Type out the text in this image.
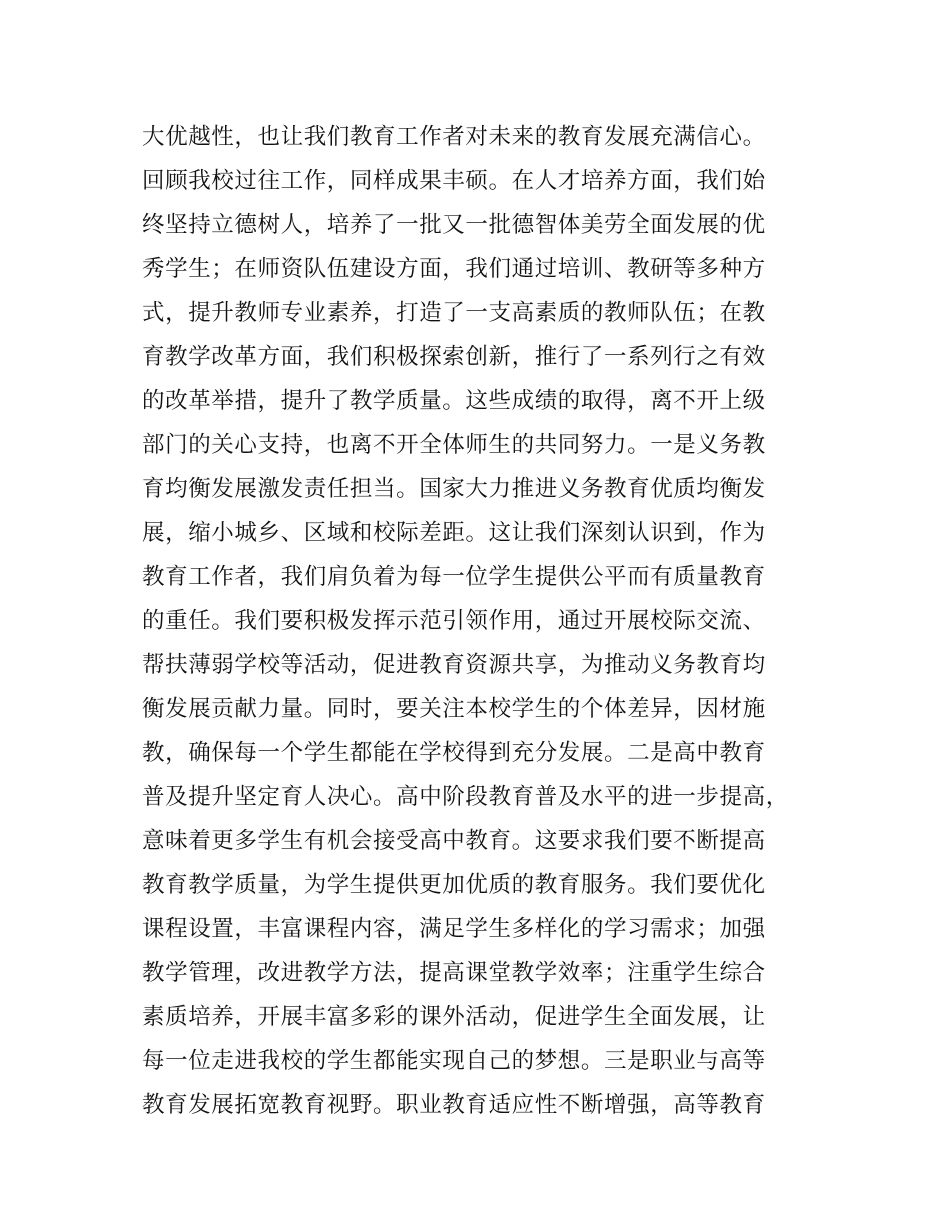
大优越性，也让我们教育工作者对未来的教育发展充满信心。
回顾我校过往工作，同样成果丰硕。在人才培养方面，我们始
终坚持立德树人，培养了一批又一批德智体美劳全面发展的优
秀学生；在师资队伍建设方面，我们通过培训、教研等多种方
式，提升教师专业素养，打造了一支高素质的教师队伍；在教
育教学改革方面，我们积极探索创新，推行了一系列行之有效
的改革举措，提升了教学质量。这些成绩的取得，离不开上级
部门的关心支持，也离不开全体师生的共同努力。一是义务教
育均衡发展激发责任担当。国家大力推进义务教育优质均衡发
展，缩小城乡、区域和校际差距。这让我们深刻认识到，作为
教育工作者，我们肩负着为每一位学生提供公平而有质量教育
的重任。我们要积极发挥示范引领作用，通过开展校际交流、
帮扶薄弱学校等活动，促进教育资源共享，为推动义务教育均
衡发展贡献力量。同时，要关注本校学生的个体差异，因材施
教，确保每一个学生都能在学校得到充分发展。二是高中教育
普及提升坚定育人决心。高中阶段教育普及水平的进一步提高，
意味着更多学生有机会接受高中教育。这要求我们要不断提高
教育教学质量，为学生提供更加优质的教育服务。我们要优化
课程设置，丰富课程内容，满足学生多样化的学习需求；加强
教学管理，改进教学方法，提高课堂教学效率；注重学生综合
素质培养，开展丰富多彩的课外活动，促进学生全面发展，让
每一位走进我校的学生都能实现自己的梦想。三是职业与高等
教育发展拓宽教育视野。职业教育适应性不断增强，高等教育
